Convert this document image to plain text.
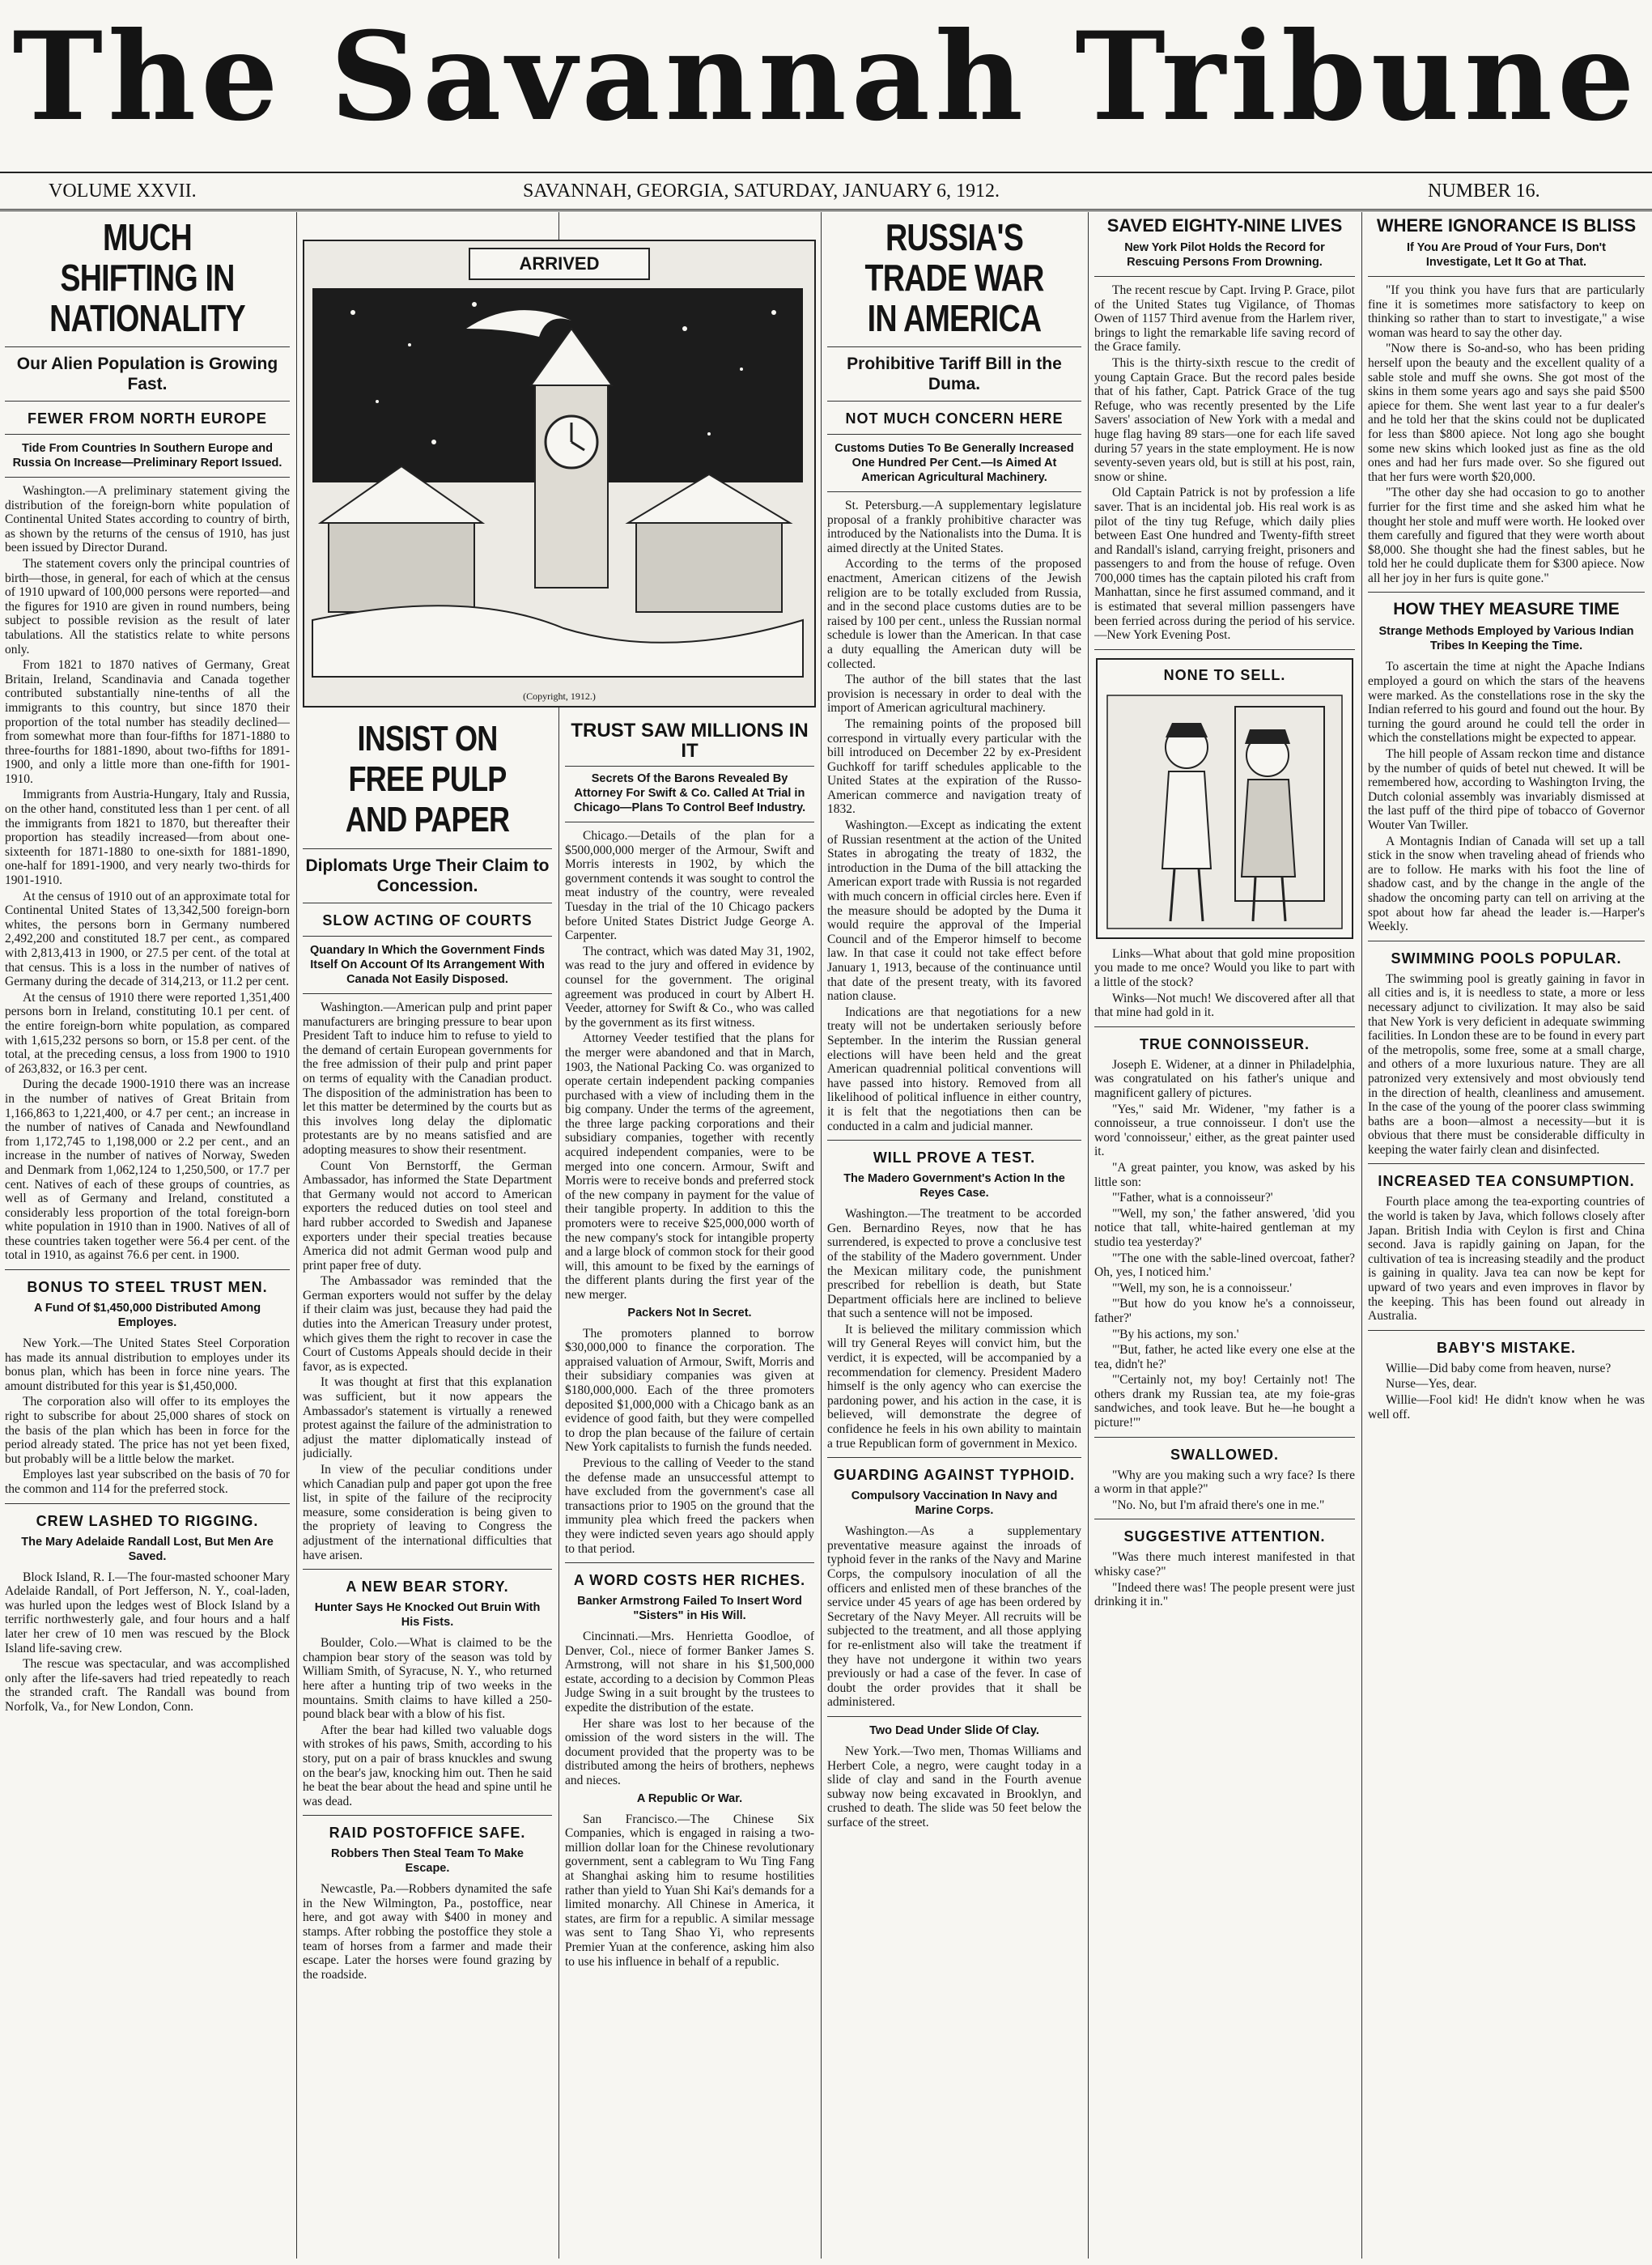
The Savannah Tribune
VOLUME XXVII.	SAVANNAH, GEORGIA, SATURDAY, JANUARY 6, 1912.	NUMBER 16.
MUCH SHIFTING IN NATIONALITY
Our Alien Population is Growing Fast.
FEWER FROM NORTH EUROPE
Tide From Countries In Southern Europe and Russia On Increase—Preliminary Report Issued.

Washington.—A preliminary statement giving the distribution of the foreign-born white population of Continental United States according to country of birth, as shown by the returns of the census of 1910, has just been issued by Director Durand.

The statement covers only the principal countries of birth—those, in general, for each of which at the census of 1910 upward of 100,000 persons were reported—and the figures for 1910 are given in round numbers, being subject to possible revision as the result of later tabulations. All the statistics relate to white persons only.

From 1821 to 1870 natives of Germany, Great Britain, Ireland, Scandinavia and Canada together contributed substantially nine-tenths of all the immigrants to this country, but since 1870 their proportion of the total number has steadily declined—from somewhat more than four-fifths for 1871-1880 to three-fourths for 1881-1890, about two-fifths for 1891-1900, and only a little more than one-fifth for 1901-1910.

Immigrants from Austria-Hungary, Italy and Russia, on the other hand, constituted less than 1 per cent. of all the immigrants from 1821 to 1870, but thereafter their proportion has steadily increased—from about one-sixteenth for 1871-1880 to one-sixth for 1881-1890, one-half for 1891-1900, and very nearly two-thirds for 1901-1910.

At the census of 1910 out of an approximate total for Continental United States of 13,342,500 foreign-born whites, the persons born in Germany numbered 2,492,200 and constituted 18.7 per cent., as compared with 2,813,413 in 1900, or 27.5 per cent. of the total at that census. This is a loss in the number of natives of Germany during the decade of 314,213, or 11.2 per cent.

At the census of 1910 there were reported 1,351,400 persons born in Ireland, constituting 10.1 per cent. of the entire foreign-born white population, as compared with 1,615,232 persons so born, or 15.8 per cent. of the total, at the preceding census, a loss from 1900 to 1910 of 263,832, or 16.3 per cent.

During the decade 1900-1910 there was an increase in the number of natives of Great Britain from 1,166,863 to 1,221,400, or 4.7 per cent.; an increase in the number of natives of Canada and Newfoundland from 1,172,745 to 1,198,000 or 2.2 per cent., and an increase in the number of natives of Norway, Sweden and Denmark from 1,062,124 to 1,250,500, or 17.7 per cent. Natives of each of these groups of countries, as well as of Germany and Ireland, constituted a considerably less proportion of the total foreign-born white population in 1910 than in 1900. Natives of all of these countries taken together were 56.4 per cent. of the total in 1910, as against 76.6 per cent. in 1900.

BONUS TO STEEL TRUST MEN.
A Fund Of $1,450,000 Distributed Among Employes.

New York.—The United States Steel Corporation has made its annual distribution to employes under its bonus plan, which has been in force nine years. The amount distributed for this year is $1,450,000.

The corporation also will offer to its employes the right to subscribe for about 25,000 shares of stock on the basis of the plan which has been in force for the period already stated. The price has not yet been fixed, but probably will be a little below the market.

Employes last year subscribed on the basis of 70 for the common and 114 for the preferred stock.

CREW LASHED TO RIGGING.
The Mary Adelaide Randall Lost, But Men Are Saved.

Block Island, R. I.—The four-masted schooner Mary Adelaide Randall, of Port Jefferson, N. Y., coal-laden, was hurled upon the ledges west of Block Island by a terrific northwesterly gale, and four hours and a half later her crew of 10 men was rescued by the Block Island life-saving crew.

The rescue was spectacular, and was accomplished only after the life-savers had tried repeatedly to reach the stranded craft. The Randall was bound from Norfolk, Va., for New London, Conn.

ARRIVED
(Copyright, 1912.)
INSIST ON FREE PULP AND PAPER
Diplomats Urge Their Claim to Concession.
SLOW ACTING OF COURTS
Quandary In Which the Government Finds Itself On Account Of Its Arrangement With Canada Not Easily Disposed.

Washington.—American pulp and print paper manufacturers are bringing pressure to bear upon President Taft to induce him to refuse to yield to the demand of certain European governments for the free admission of their pulp and print paper on terms of equality with the Canadian product. The disposition of the administration has been to let this matter be determined by the courts but as this involves long delay the diplomatic protestants are by no means satisfied and are adopting measures to show their resentment.

Count Von Bernstorff, the German Ambassador, has informed the State Department that Germany would not accord to American exporters the reduced duties on tool steel and hard rubber accorded to Swedish and Japanese exporters under their special treaties because America did not admit German wood pulp and print paper free of duty.

The Ambassador was reminded that the German exporters would not suffer by the delay if their claim was just, because they had paid the duties into the American Treasury under protest, which gives them the right to recover in case the Court of Customs Appeals should decide in their favor, as is expected.

It was thought at first that this explanation was sufficient, but it now appears the Ambassador's statement is virtually a renewed protest against the failure of the administration to adjust the matter diplomatically instead of judicially.

In view of the peculiar conditions under which Canadian pulp and paper got upon the free list, in spite of the failure of the reciprocity measure, some consideration is being given to the propriety of leaving to Congress the adjustment of the international difficulties that have arisen.

A NEW BEAR STORY.
Hunter Says He Knocked Out Bruin With His Fists.

Boulder, Colo.—What is claimed to be the champion bear story of the season was told by William Smith, of Syracuse, N. Y., who returned here after a hunting trip of two weeks in the mountains. Smith claims to have killed a 250-pound black bear with a blow of his fist.

After the bear had killed two valuable dogs with strokes of his paws, Smith, according to his story, put on a pair of brass knuckles and swung on the bear's jaw, knocking him out. Then he said he beat the bear about the head and spine until he was dead.

RAID POSTOFFICE SAFE.
Robbers Then Steal Team To Make Escape.

Newcastle, Pa.—Robbers dynamited the safe in the New Wilmington, Pa., postoffice, near here, and got away with $400 in money and stamps. After robbing the postoffice they stole a team of horses from a farmer and made their escape. Later the horses were found grazing by the roadside.

TRUST SAW MILLIONS IN IT
Secrets Of the Barons Revealed By Attorney For Swift & Co. Called At Trial in Chicago—Plans To Control Beef Industry.

Chicago.—Details of the plan for a $500,000,000 merger of the Armour, Swift and Morris interests in 1902, by which the government contends it was sought to control the meat industry of the country, were revealed Tuesday in the trial of the 10 Chicago packers before United States District Judge George A. Carpenter.

The contract, which was dated May 31, 1902, was read to the jury and offered in evidence by counsel for the government. The original agreement was produced in court by Albert H. Veeder, attorney for Swift & Co., who was called by the government as its first witness.

Attorney Veeder testified that the plans for the merger were abandoned and that in March, 1903, the National Packing Co. was organized to operate certain independent packing companies purchased with a view of including them in the big company. Under the terms of the agreement, the three large packing corporations and their subsidiary companies, together with recently acquired independent companies, were to be merged into one concern. Armour, Swift and Morris were to receive bonds and preferred stock of the new company in payment for the value of their tangible property. In addition to this the promoters were to receive $25,000,000 worth of the new company's stock for intangible property and a large block of common stock for their good will, this amount to be fixed by the earnings of the different plants during the first year of the new merger.

Packers Not In Secret.

The promoters planned to borrow $30,000,000 to finance the corporation. The appraised valuation of Armour, Swift, Morris and their subsidiary companies was given at $180,000,000. Each of the three promoters deposited $1,000,000 with a Chicago bank as an evidence of good faith, but they were compelled to drop the plan because of the failure of certain New York capitalists to furnish the funds needed.

Previous to the calling of Veeder to the stand the defense made an unsuccessful attempt to have excluded from the government's case all transactions prior to 1905 on the ground that the immunity plea which freed the packers when they were indicted seven years ago should apply to that period.

A WORD COSTS HER RICHES.
Banker Armstrong Failed To Insert Word "Sisters" in His Will.

Cincinnati.—Mrs. Henrietta Goodloe, of Denver, Col., niece of former Banker James S. Armstrong, will not share in his $1,500,000 estate, according to a decision by Common Pleas Judge Swing in a suit brought by the trustees to expedite the distribution of the estate.

Her share was lost to her because of the omission of the word sisters in the will. The document provided that the property was to be distributed among the heirs of brothers, nephews and nieces.

A Republic Or War.

San Francisco.—The Chinese Six Companies, which is engaged in raising a two-million dollar loan for the Chinese revolutionary government, sent a cablegram to Wu Ting Fang at Shanghai asking him to resume hostilities rather than yield to Yuan Shi Kai's demands for a limited monarchy. All Chinese in America, it states, are firm for a republic. A similar message was sent to Tang Shao Yi, who represents Premier Yuan at the conference, asking him also to use his influence in behalf of a republic.

RUSSIA'S TRADE WAR IN AMERICA
Prohibitive Tariff Bill in the Duma.
NOT MUCH CONCERN HERE
Customs Duties To Be Generally Increased One Hundred Per Cent.—Is Aimed At American Agricultural Machinery.

St. Petersburg.—A supplementary legislature proposal of a frankly prohibitive character was introduced by the Nationalists into the Duma. It is aimed directly at the United States.

According to the terms of the proposed enactment, American citizens of the Jewish religion are to be totally excluded from Russia, and in the second place customs duties are to be raised by 100 per cent., unless the Russian normal schedule is lower than the American. In that case a duty equalling the American duty will be collected.

The author of the bill states that the last provision is necessary in order to deal with the import of American agricultural machinery.

The remaining points of the proposed bill correspond in virtually every particular with the bill introduced on December 22 by ex-President Guchkoff for tariff schedules applicable to the United States at the expiration of the Russo-American commerce and navigation treaty of 1832.

Washington.—Except as indicating the extent of Russian resentment at the action of the United States in abrogating the treaty of 1832, the introduction in the Duma of the bill attacking the American export trade with Russia is not regarded with much concern in official circles here. Even if the measure should be adopted by the Duma it would require the approval of the Imperial Council and of the Emperor himself to become law. In that case it could not take effect before January 1, 1913, because of the continuance until that date of the present treaty, with its favored nation clause.

Indications are that negotiations for a new treaty will not be undertaken seriously before September. In the interim the Russian general elections will have been held and the great American quadrennial political conventions will have passed into history. Removed from all likelihood of political influence in either country, it is felt that the negotiations then can be conducted in a calm and judicial manner.

WILL PROVE A TEST.
The Madero Government's Action In the Reyes Case.

Washington.—The treatment to be accorded Gen. Bernardino Reyes, now that he has surrendered, is expected to prove a conclusive test of the stability of the Madero government. Under the Mexican military code, the punishment prescribed for rebellion is death, but State Department officials here are inclined to believe that such a sentence will not be imposed.

It is believed the military commission which will try General Reyes will convict him, but the verdict, it is expected, will be accompanied by a recommendation for clemency. President Madero himself is the only agency who can exercise the pardoning power, and his action in the case, it is believed, will demonstrate the degree of confidence he feels in his own ability to maintain a true Republican form of government in Mexico.

GUARDING AGAINST TYPHOID.
Compulsory Vaccination In Navy and Marine Corps.

Washington.—As a supplementary preventative measure against the inroads of typhoid fever in the ranks of the Navy and Marine Corps, the compulsory inoculation of all the officers and enlisted men of these branches of the service under 45 years of age has been ordered by Secretary of the Navy Meyer. All recruits will be subjected to the treatment, and all those applying for re-enlistment also will take the treatment if they have not undergone it within two years previously or had a case of the fever. In case of doubt the order provides that it shall be administered.

Two Dead Under Slide Of Clay.

New York.—Two men, Thomas Williams and Herbert Cole, a negro, were caught today in a slide of clay and sand in the Fourth avenue subway now being excavated in Brooklyn, and crushed to death. The slide was 50 feet below the surface of the street.

SAVED EIGHTY-NINE LIVES
New York Pilot Holds the Record for Rescuing Persons From Drowning.

The recent rescue by Capt. Irving P. Grace, pilot of the United States tug Vigilance, of Thomas Owen of 1157 Third avenue from the Harlem river, brings to light the remarkable life saving record of the Grace family.

This is the thirty-sixth rescue to the credit of young Captain Grace. But the record pales beside that of his father, Capt. Patrick Grace of the tug Refuge, who was recently presented by the Life Savers' association of New York with a medal and huge flag having 89 stars—one for each life saved during 57 years in the state employment. He is now seventy-seven years old, but is still at his post, rain, snow or shine.

Old Captain Patrick is not by profession a life saver. That is an incidental job. His real work is as pilot of the tiny tug Refuge, which daily plies between East One hundred and Twenty-fifth street and Randall's island, carrying freight, prisoners and passengers to and from the house of refuge. Oven 700,000 times has the captain piloted his craft from Manhattan, since he first assumed command, and it is estimated that several million passengers have been ferried across during the period of his service.—New York Evening Post.

NONE TO SELL.

Links—What about that gold mine proposition you made to me once? Would you like to part with a little of the stock?

Winks—Not much! We discovered after all that that mine had gold in it.

TRUE CONNOISSEUR.

Joseph E. Widener, at a dinner in Philadelphia, was congratulated on his father's unique and magnificent gallery of pictures.

"Yes," said Mr. Widener, "my father is a connoisseur, a true connoisseur. I don't use the word 'connoisseur,' either, as the great painter used it.

"A great painter, you know, was asked by his little son:

"'Father, what is a connoisseur?'

"'Well, my son,' the father answered, 'did you notice that tall, white-haired gentleman at my studio tea yesterday?'

"'The one with the sable-lined overcoat, father? Oh, yes, I noticed him.'

"'Well, my son, he is a connoisseur.'

"'But how do you know he's a connoisseur, father?'

"'By his actions, my son.'

"'But, father, he acted like every one else at the tea, didn't he?'

"'Certainly not, my boy! Certainly not! The others drank my Russian tea, ate my foie-gras sandwiches, and took leave. But he—he bought a picture!'"

SWALLOWED.

"Why are you making such a wry face? Is there a worm in that apple?"

"No. No, but I'm afraid there's one in me."

SUGGESTIVE ATTENTION.

"Was there much interest manifested in that whisky case?"

"Indeed there was! The people present were just drinking it in."

WHERE IGNORANCE IS BLISS
If You Are Proud of Your Furs, Don't Investigate, Let It Go at That.

"If you think you have furs that are particularly fine it is sometimes more satisfactory to keep on thinking so rather than to start to investigate," a wise woman was heard to say the other day.

"Now there is So-and-so, who has been priding herself upon the beauty and the excellent quality of a sable stole and muff she owns. She got most of the skins in them some years ago and says she paid $500 apiece for them. She went last year to a fur dealer's and he told her that the skins could not be duplicated for less than $800 apiece. Not long ago she bought some new skins which looked just as fine as the old ones and had her furs made over. So she figured out that her furs were worth $20,000.

"The other day she had occasion to go to another furrier for the first time and she asked him what he thought her stole and muff were worth. He looked over them carefully and figured that they were worth about $8,000. She thought she had the finest sables, but he told her he could duplicate them for $300 apiece. Now all her joy in her furs is quite gone."

HOW THEY MEASURE TIME
Strange Methods Employed by Various Indian Tribes In Keeping the Time.

To ascertain the time at night the Apache Indians employed a gourd on which the stars of the heavens were marked. As the constellations rose in the sky the Indian referred to his gourd and found out the hour. By turning the gourd around he could tell the order in which the constellations might be expected to appear.

The hill people of Assam reckon time and distance by the number of quids of betel nut chewed. It will be remembered how, according to Washington Irving, the Dutch colonial assembly was invariably dismissed at the last puff of the third pipe of tobacco of Governor Wouter Van Twiller.

A Montagnis Indian of Canada will set up a tall stick in the snow when traveling ahead of friends who are to follow. He marks with his foot the line of shadow cast, and by the change in the angle of the shadow the oncoming party can tell on arriving at the spot about how far ahead the leader is.—Harper's Weekly.

SWIMMING POOLS POPULAR.

The swimming pool is greatly gaining in favor in all cities and is, it is needless to state, a more or less necessary adjunct to civilization. It may also be said that New York is very deficient in adequate swimming facilities. In London these are to be found in every part of the metropolis, some free, some at a small charge, and others of a more luxurious nature. They are all patronized very extensively and most obviously tend in the direction of health, cleanliness and amusement. In the case of the young of the poorer class swimming baths are a boon—almost a necessity—but it is obvious that there must be considerable difficulty in keeping the water fairly clean and disinfected.

INCREASED TEA CONSUMPTION.

Fourth place among the tea-exporting countries of the world is taken by Java, which follows closely after Japan. British India with Ceylon is first and China second. Java is rapidly gaining on Japan, for the cultivation of tea is increasing steadily and the product is gaining in quality. Java tea can now be kept for upward of two years and even improves in flavor by the keeping. This has been found out already in Australia.

BABY'S MISTAKE.

Willie—Did baby come from heaven, nurse?

Nurse—Yes, dear.

Willie—Fool kid! He didn't know when he was well off.
